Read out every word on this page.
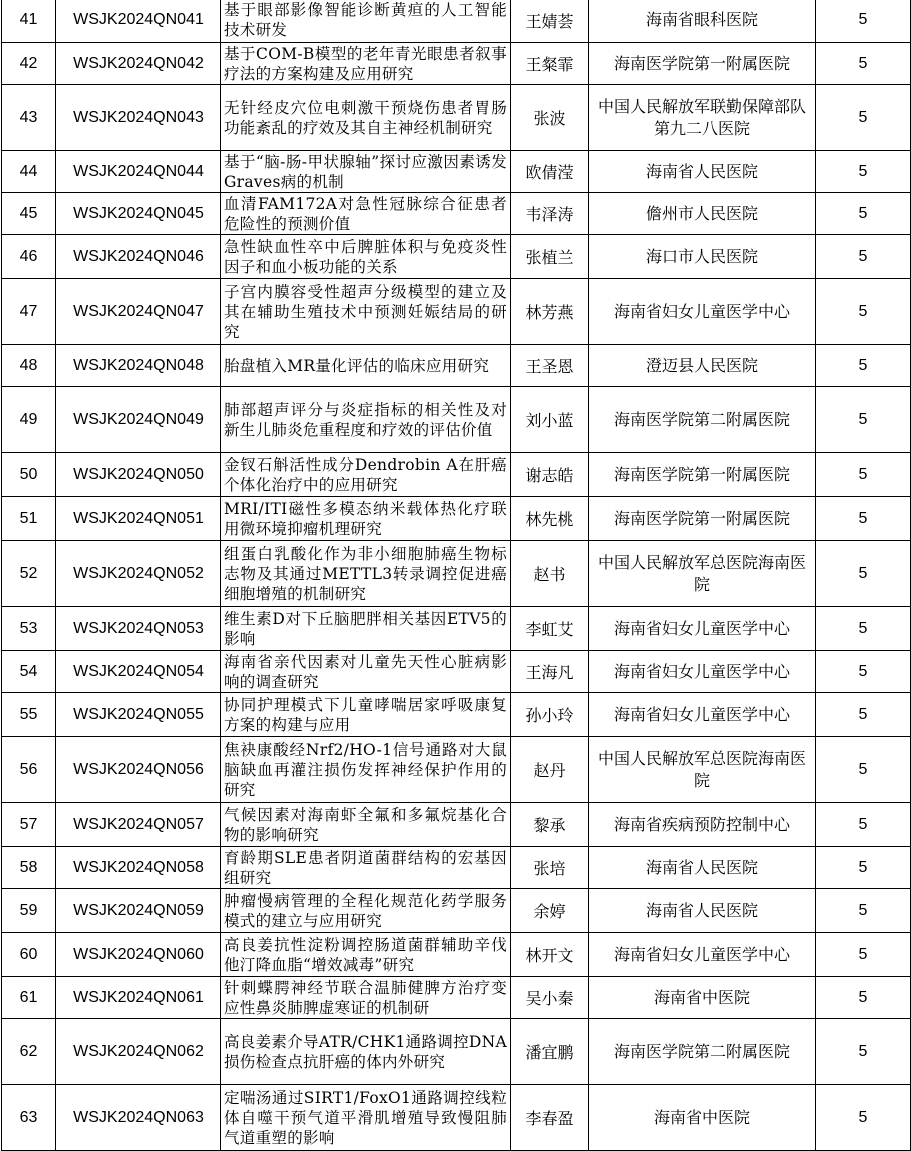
41	WSJK2024QN041	基于眼部影像智能诊断黄疸的人工智能技术研发	王婧荟	海南省眼科医院	5
42	WSJK2024QN042	基于COM-B模型的老年青光眼患者叙事疗法的方案构建及应用研究	王粲霏	海南医学院第一附属医院	5
43	WSJK2024QN043	无针经皮穴位电刺激干预烧伤患者胃肠功能紊乱的疗效及其自主神经机制研究	张波	中国人民解放军联勤保障部队第九二八医院	5
44	WSJK2024QN044	基于“脑-肠-甲状腺轴”探讨应激因素诱发Graves病的机制	欧倩滢	海南省人民医院	5
45	WSJK2024QN045	血清FAM172A对急性冠脉综合征患者危险性的预测价值	韦泽涛	儋州市人民医院	5
46	WSJK2024QN046	急性缺血性卒中后脾脏体积与免疫炎性因子和血小板功能的关系	张植兰	海口市人民医院	5
47	WSJK2024QN047	子宫内膜容受性超声分级模型的建立及其在辅助生殖技术中预测妊娠结局的研究	林芳燕	海南省妇女儿童医学中心	5
48	WSJK2024QN048	胎盘植入MR量化评估的临床应用研究	王圣恩	澄迈县人民医院	5
49	WSJK2024QN049	肺部超声评分与炎症指标的相关性及对新生儿肺炎危重程度和疗效的评估价值	刘小蓝	海南医学院第二附属医院	5
50	WSJK2024QN050	金钗石斛活性成分Dendrobin A在肝癌个体化治疗中的应用研究	谢志皓	海南医学院第一附属医院	5
51	WSJK2024QN051	MRI/ITI磁性多模态纳米载体热化疗联用微环境抑瘤机理研究	林先桃	海南医学院第一附属医院	5
52	WSJK2024QN052	组蛋白乳酸化作为非小细胞肺癌生物标志物及其通过METTL3转录调控促进癌细胞增殖的机制研究	赵书	中国人民解放军总医院海南医院	5
53	WSJK2024QN053	维生素D对下丘脑肥胖相关基因ETV5的影响	李虹艾	海南省妇女儿童医学中心	5
54	WSJK2024QN054	海南省亲代因素对儿童先天性心脏病影响的调查研究	王海凡	海南省妇女儿童医学中心	5
55	WSJK2024QN055	协同护理模式下儿童哮喘居家呼吸康复方案的构建与应用	孙小玲	海南省妇女儿童医学中心	5
56	WSJK2024QN056	焦袂康酸经Nrf2/HO-1信号通路对大鼠脑缺血再灌注损伤发挥神经保护作用的研究	赵丹	中国人民解放军总医院海南医院	5
57	WSJK2024QN057	气候因素对海南虾全氟和多氟烷基化合物的影响研究	黎承	海南省疾病预防控制中心	5
58	WSJK2024QN058	育龄期SLE患者阴道菌群结构的宏基因组研究	张培	海南省人民医院	5
59	WSJK2024QN059	肿瘤慢病管理的全程化规范化药学服务模式的建立与应用研究	余婷	海南省人民医院	5
60	WSJK2024QN060	高良姜抗性淀粉调控肠道菌群辅助辛伐他汀降血脂“增效减毒”研究	林开文	海南省妇女儿童医学中心	5
61	WSJK2024QN061	针刺蝶腭神经节联合温肺健脾方治疗变应性鼻炎肺脾虚寒证的机制研	吴小秦	海南省中医院	5
62	WSJK2024QN062	高良姜素介导ATR/CHK1通路调控DNA损伤检查点抗肝癌的体内外研究	潘宜鹏	海南医学院第二附属医院	5
63	WSJK2024QN063	定喘汤通过SIRT1/FoxO1通路调控线粒体自噬干预气道平滑肌增殖导致慢阻肺气道重塑的影响	李春盈	海南省中医院	5
